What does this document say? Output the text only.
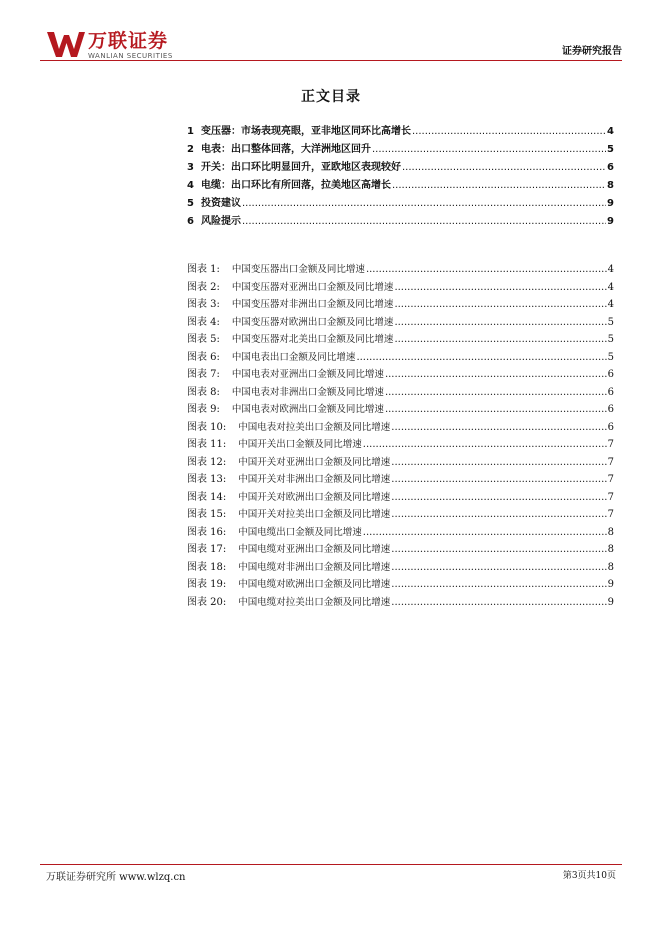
万联证券
WANLIAN SECURITIES	证券研究报告
正文目录
1 变压器：市场表现亮眼，亚非地区同环比高增长 .....	4
2 电表：出口整体回落，大洋洲地区回升 .....	5
3 开关：出口环比明显回升，亚欧地区表现较好 .....	6
4 电缆：出口环比有所回落，拉美地区高增长 .....	8
5 投资建议 .....	9
6 风险提示 .....	9
图表 1: 中国变压器出口金额及同比增速 .....	4
图表 2: 中国变压器对亚洲出口金额及同比增速 .....	4
图表 3: 中国变压器对非洲出口金额及同比增速 .....	4
图表 4: 中国变压器对欧洲出口金额及同比增速 .....	5
图表 5: 中国变压器对北美出口金额及同比增速 .....	5
图表 6: 中国电表出口金额及同比增速 .....	5
图表 7: 中国电表对亚洲出口金额及同比增速 .....	6
图表 8: 中国电表对非洲出口金额及同比增速 .....	6
图表 9: 中国电表对欧洲出口金额及同比增速 .....	6
图表 10: 中国电表对拉美出口金额及同比增速 .....	6
图表 11: 中国开关出口金额及同比增速 .....	7
图表 12: 中国开关对亚洲出口金额及同比增速 .....	7
图表 13: 中国开关对非洲出口金额及同比增速 .....	7
图表 14: 中国开关对欧洲出口金额及同比增速 .....	7
图表 15: 中国开关对拉美出口金额及同比增速 .....	7
图表 16: 中国电缆出口金额及同比增速 .....	8
图表 17: 中国电缆对亚洲出口金额及同比增速 .....	8
图表 18: 中国电缆对非洲出口金额及同比增速 .....	8
图表 19: 中国电缆对欧洲出口金额及同比增速 .....	9
图表 20: 中国电缆对拉美出口金额及同比增速 .....	9
万联证券研究所 www.wlzq.cn	第3页共10页
